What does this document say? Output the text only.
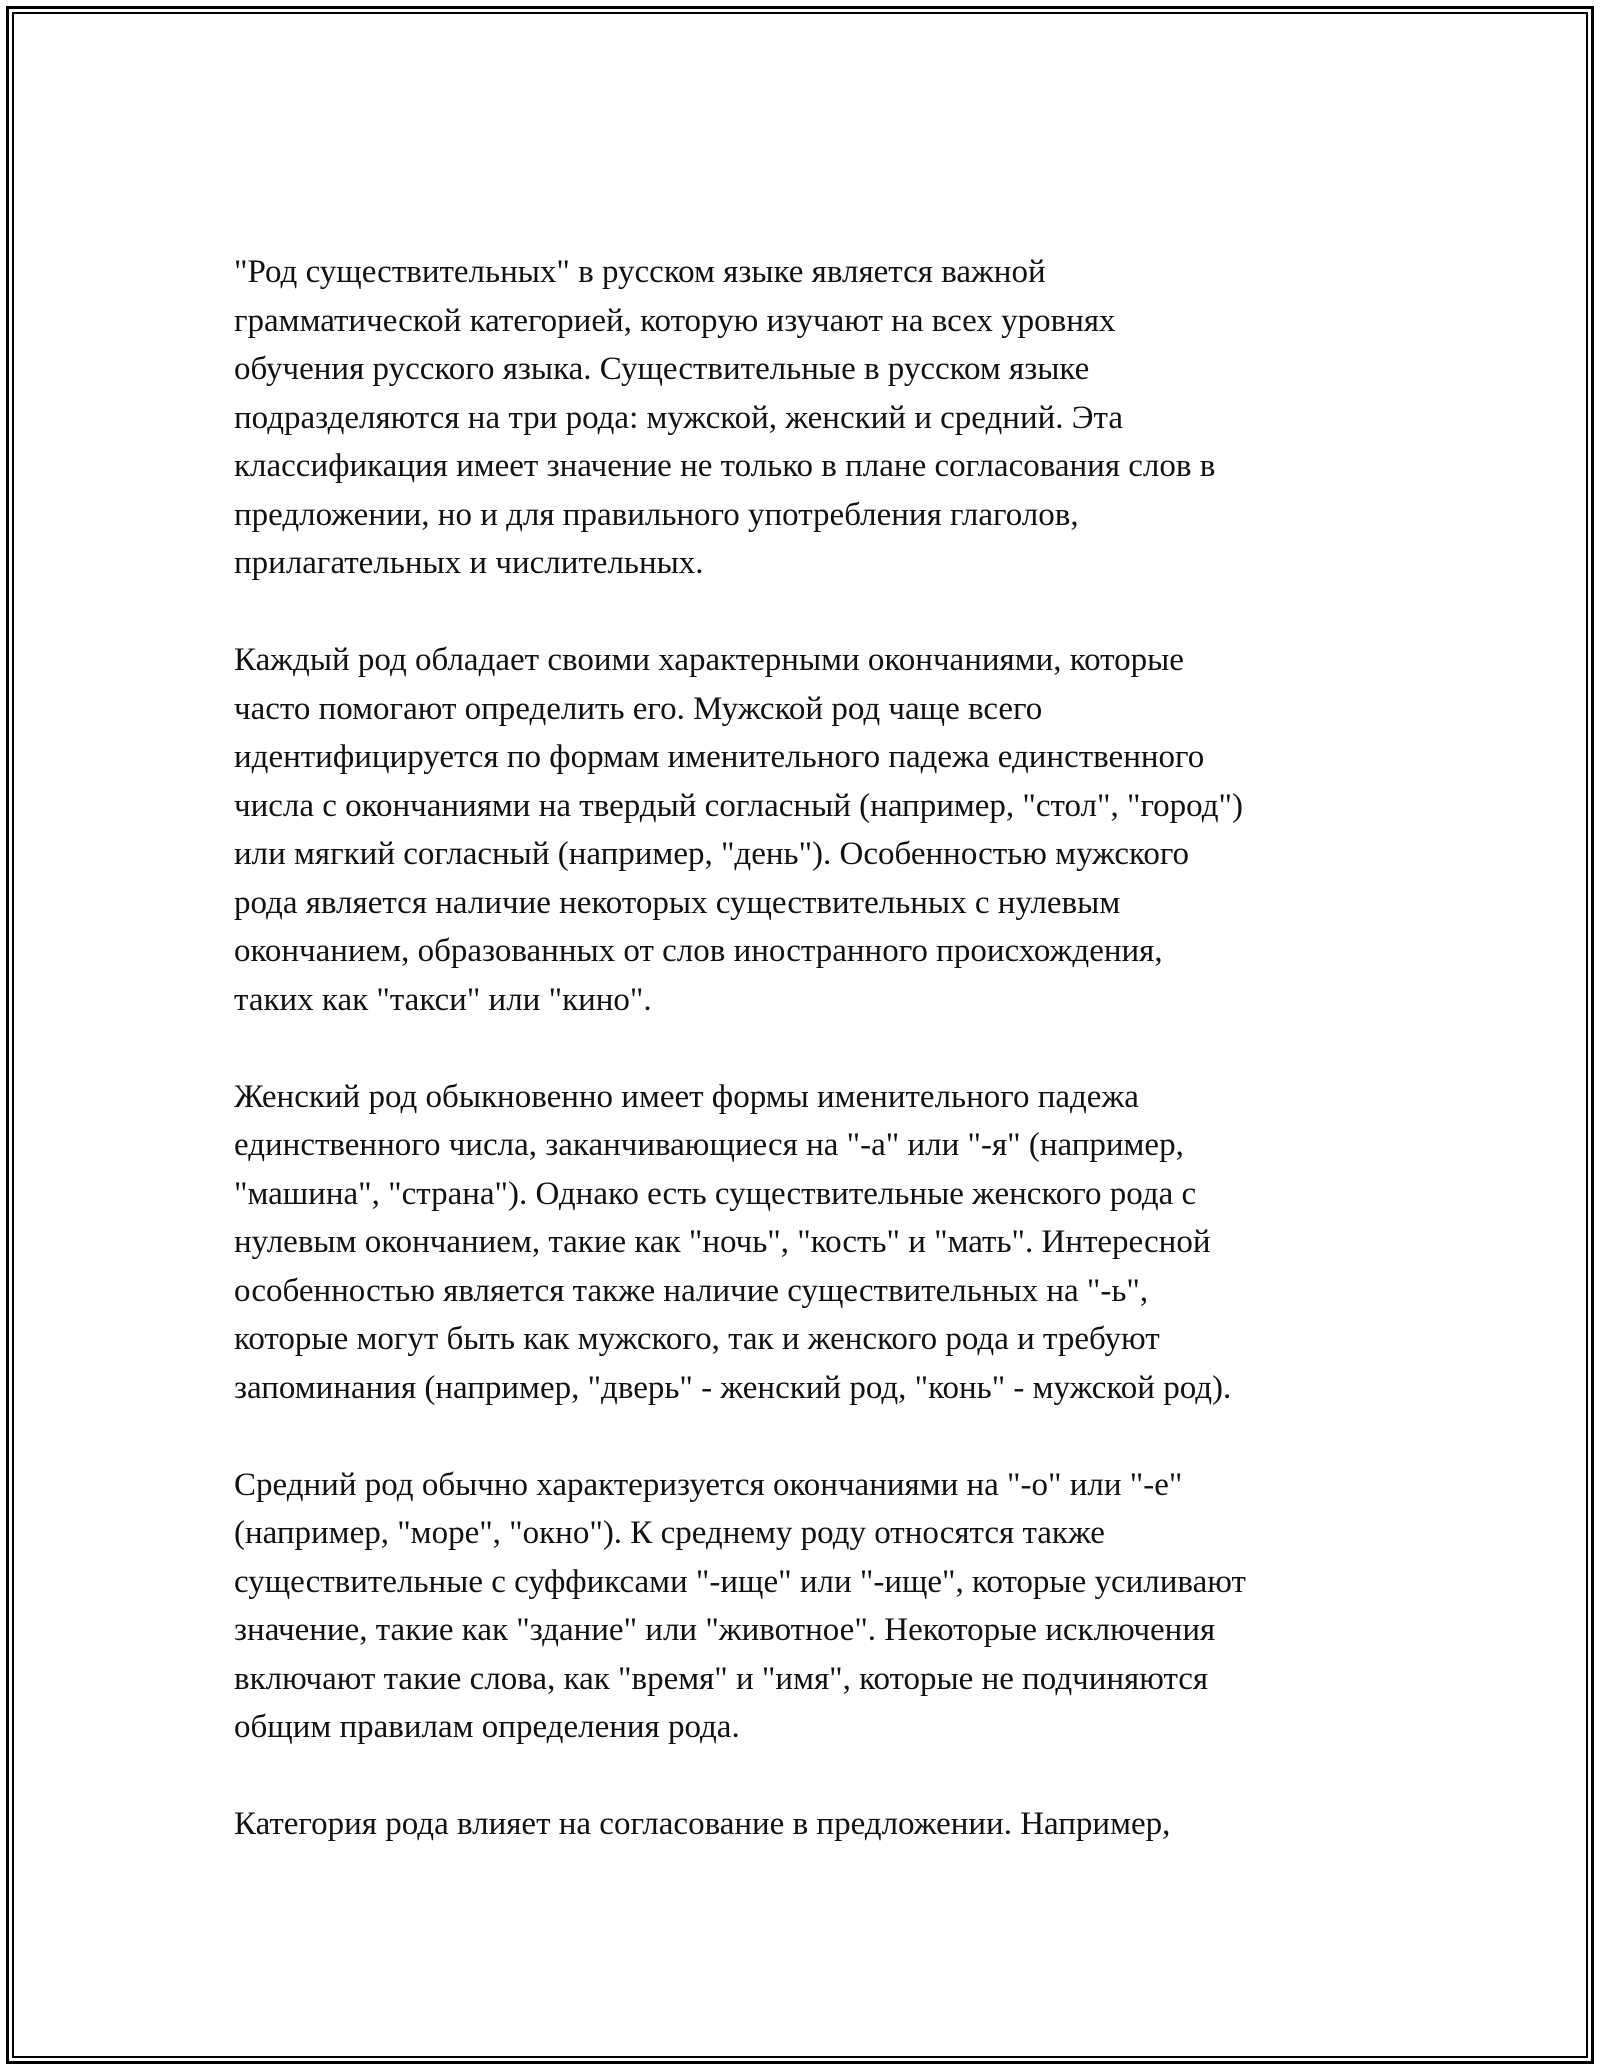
"Род существительных" в русском языке является важной
грамматической категорией, которую изучают на всех уровнях
обучения русского языка. Существительные в русском языке
подразделяются на три рода: мужской, женский и средний. Эта
классификация имеет значение не только в плане согласования слов в
предложении, но и для правильного употребления глаголов,
прилагательных и числительных.

Каждый род обладает своими характерными окончаниями, которые
часто помогают определить его. Мужской род чаще всего
идентифицируется по формам именительного падежа единственного
числа с окончаниями на твердый согласный (например, "стол", "город")
или мягкий согласный (например, "день"). Особенностью мужского
рода является наличие некоторых существительных с нулевым
окончанием, образованных от слов иностранного происхождения,
таких как "такси" или "кино".

Женский род обыкновенно имеет формы именительного падежа
единственного числа, заканчивающиеся на "-а" или "-я" (например,
"машина", "страна"). Однако есть существительные женского рода с
нулевым окончанием, такие как "ночь", "кость" и "мать". Интересной
особенностью является также наличие существительных на "-ь",
которые могут быть как мужского, так и женского рода и требуют
запоминания (например, "дверь" - женский род, "конь" - мужской род).

Средний род обычно характеризуется окончаниями на "-о" или "-е"
(например, "море", "окно"). К среднему роду относятся также
существительные с суффиксами "-ище" или "-ище", которые усиливают
значение, такие как "здание" или "животное". Некоторые исключения
включают такие слова, как "время" и "имя", которые не подчиняются
общим правилам определения рода.

Категория рода влияет на согласование в предложении. Например,
